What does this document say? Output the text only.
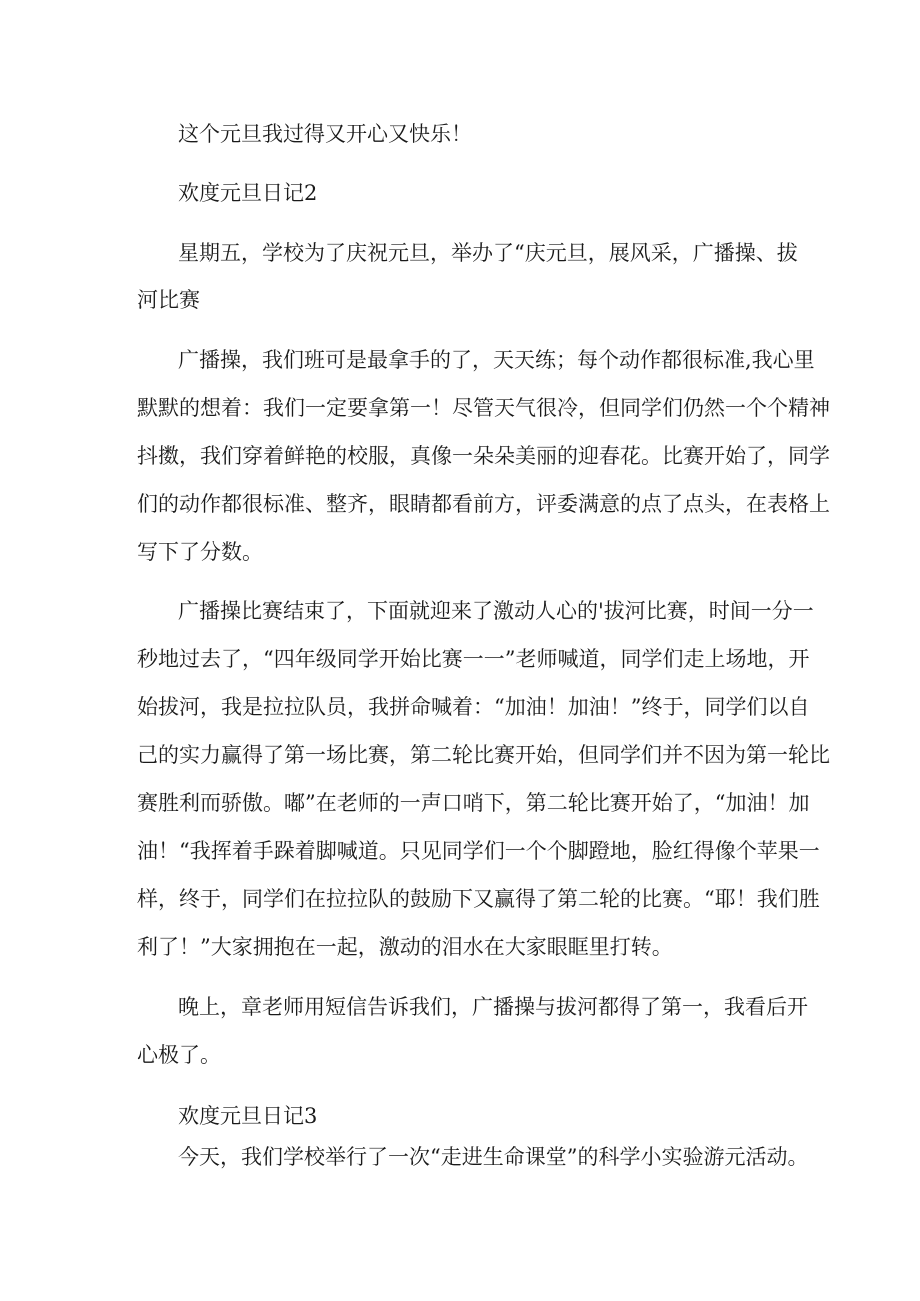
这个元旦我过得又开心又快乐！
欢度元旦日记2
星期五，学校为了庆祝元旦，举办了“庆元旦，展风采，广播操、拔
河比赛
广播操，我们班可是最拿手的了，天天练；每个动作都很标准,我心里
默默的想着：我们一定要拿第一！尽管天气很冷，但同学们仍然一个个精神
抖擞，我们穿着鲜艳的校服，真像一朵朵美丽的迎春花。比赛开始了，同学
们的动作都很标准、整齐，眼睛都看前方，评委满意的点了点头，在表格上
写下了分数。
广播操比赛结束了，下面就迎来了激动人心的'拔河比赛，时间一分一
秒地过去了，“四年级同学开始比赛一一”老师喊道，同学们走上场地，开
始拔河，我是拉拉队员，我拼命喊着：“加油！加油！”终于，同学们以自
己的实力赢得了第一场比赛，第二轮比赛开始，但同学们并不因为第一轮比
赛胜利而骄傲。嘟”在老师的一声口哨下，第二轮比赛开始了，“加油！加
油！“我挥着手跺着脚喊道。只见同学们一个个脚蹬地，脸红得像个苹果一
样，终于，同学们在拉拉队的鼓励下又赢得了第二轮的比赛。“耶！我们胜
利了！”大家拥抱在一起，激动的泪水在大家眼眶里打转。
晚上，章老师用短信告诉我们，广播操与拔河都得了第一，我看后开
心极了。
欢度元旦日记3
今天，我们学校举行了一次“走进生命课堂”的科学小实验游元活动。
